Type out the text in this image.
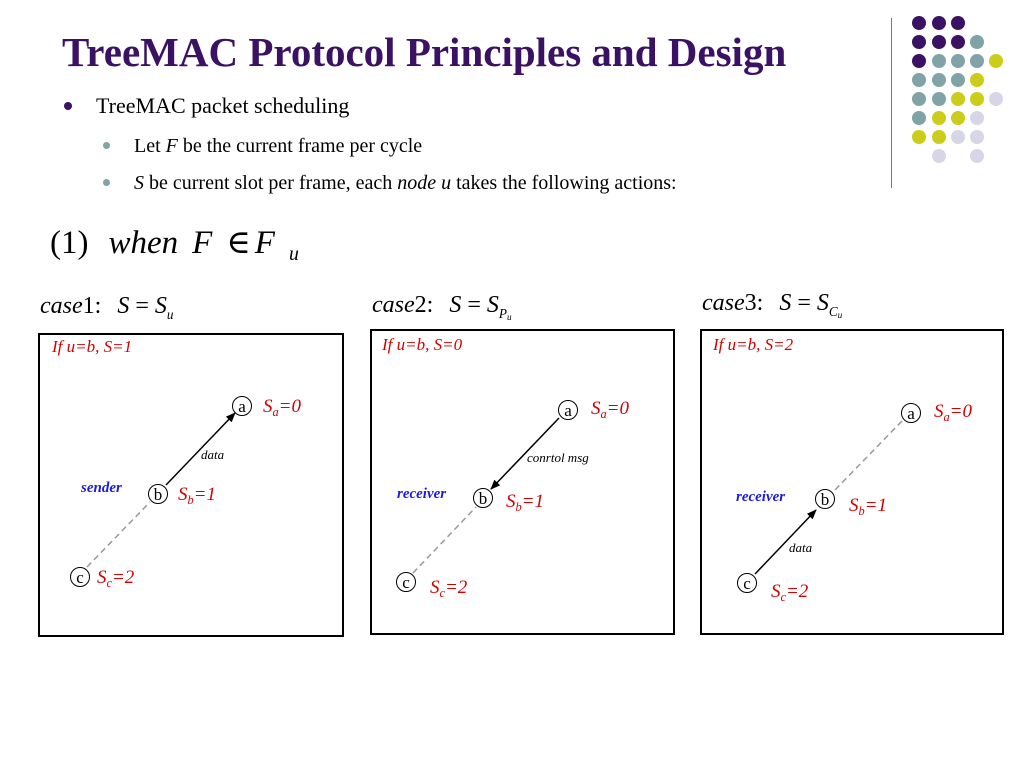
TreeMAC Protocol Principles and Design
TreeMAC packet scheduling
Let F be the current frame per cycle
S be current slot per frame, each node u takes the following actions:
(1) when F ∈ F $_u$
case1: $S = S_u$	case2: $S = S_{Pu}$
case3: $S = S_{Cu}$
If u=b, S=1
a $S_a=0$
data
sender	b $S_b=1$
c $S_c=2$
If u=b, S=0
a	$S_a=0$
conrtol msg
receiver	b $S_b=1$
c	$S_c=2$
If u=b, S=2
a	$S_a=0$
receiver	b	$S_b=1$
data
c	$S_c=2$
